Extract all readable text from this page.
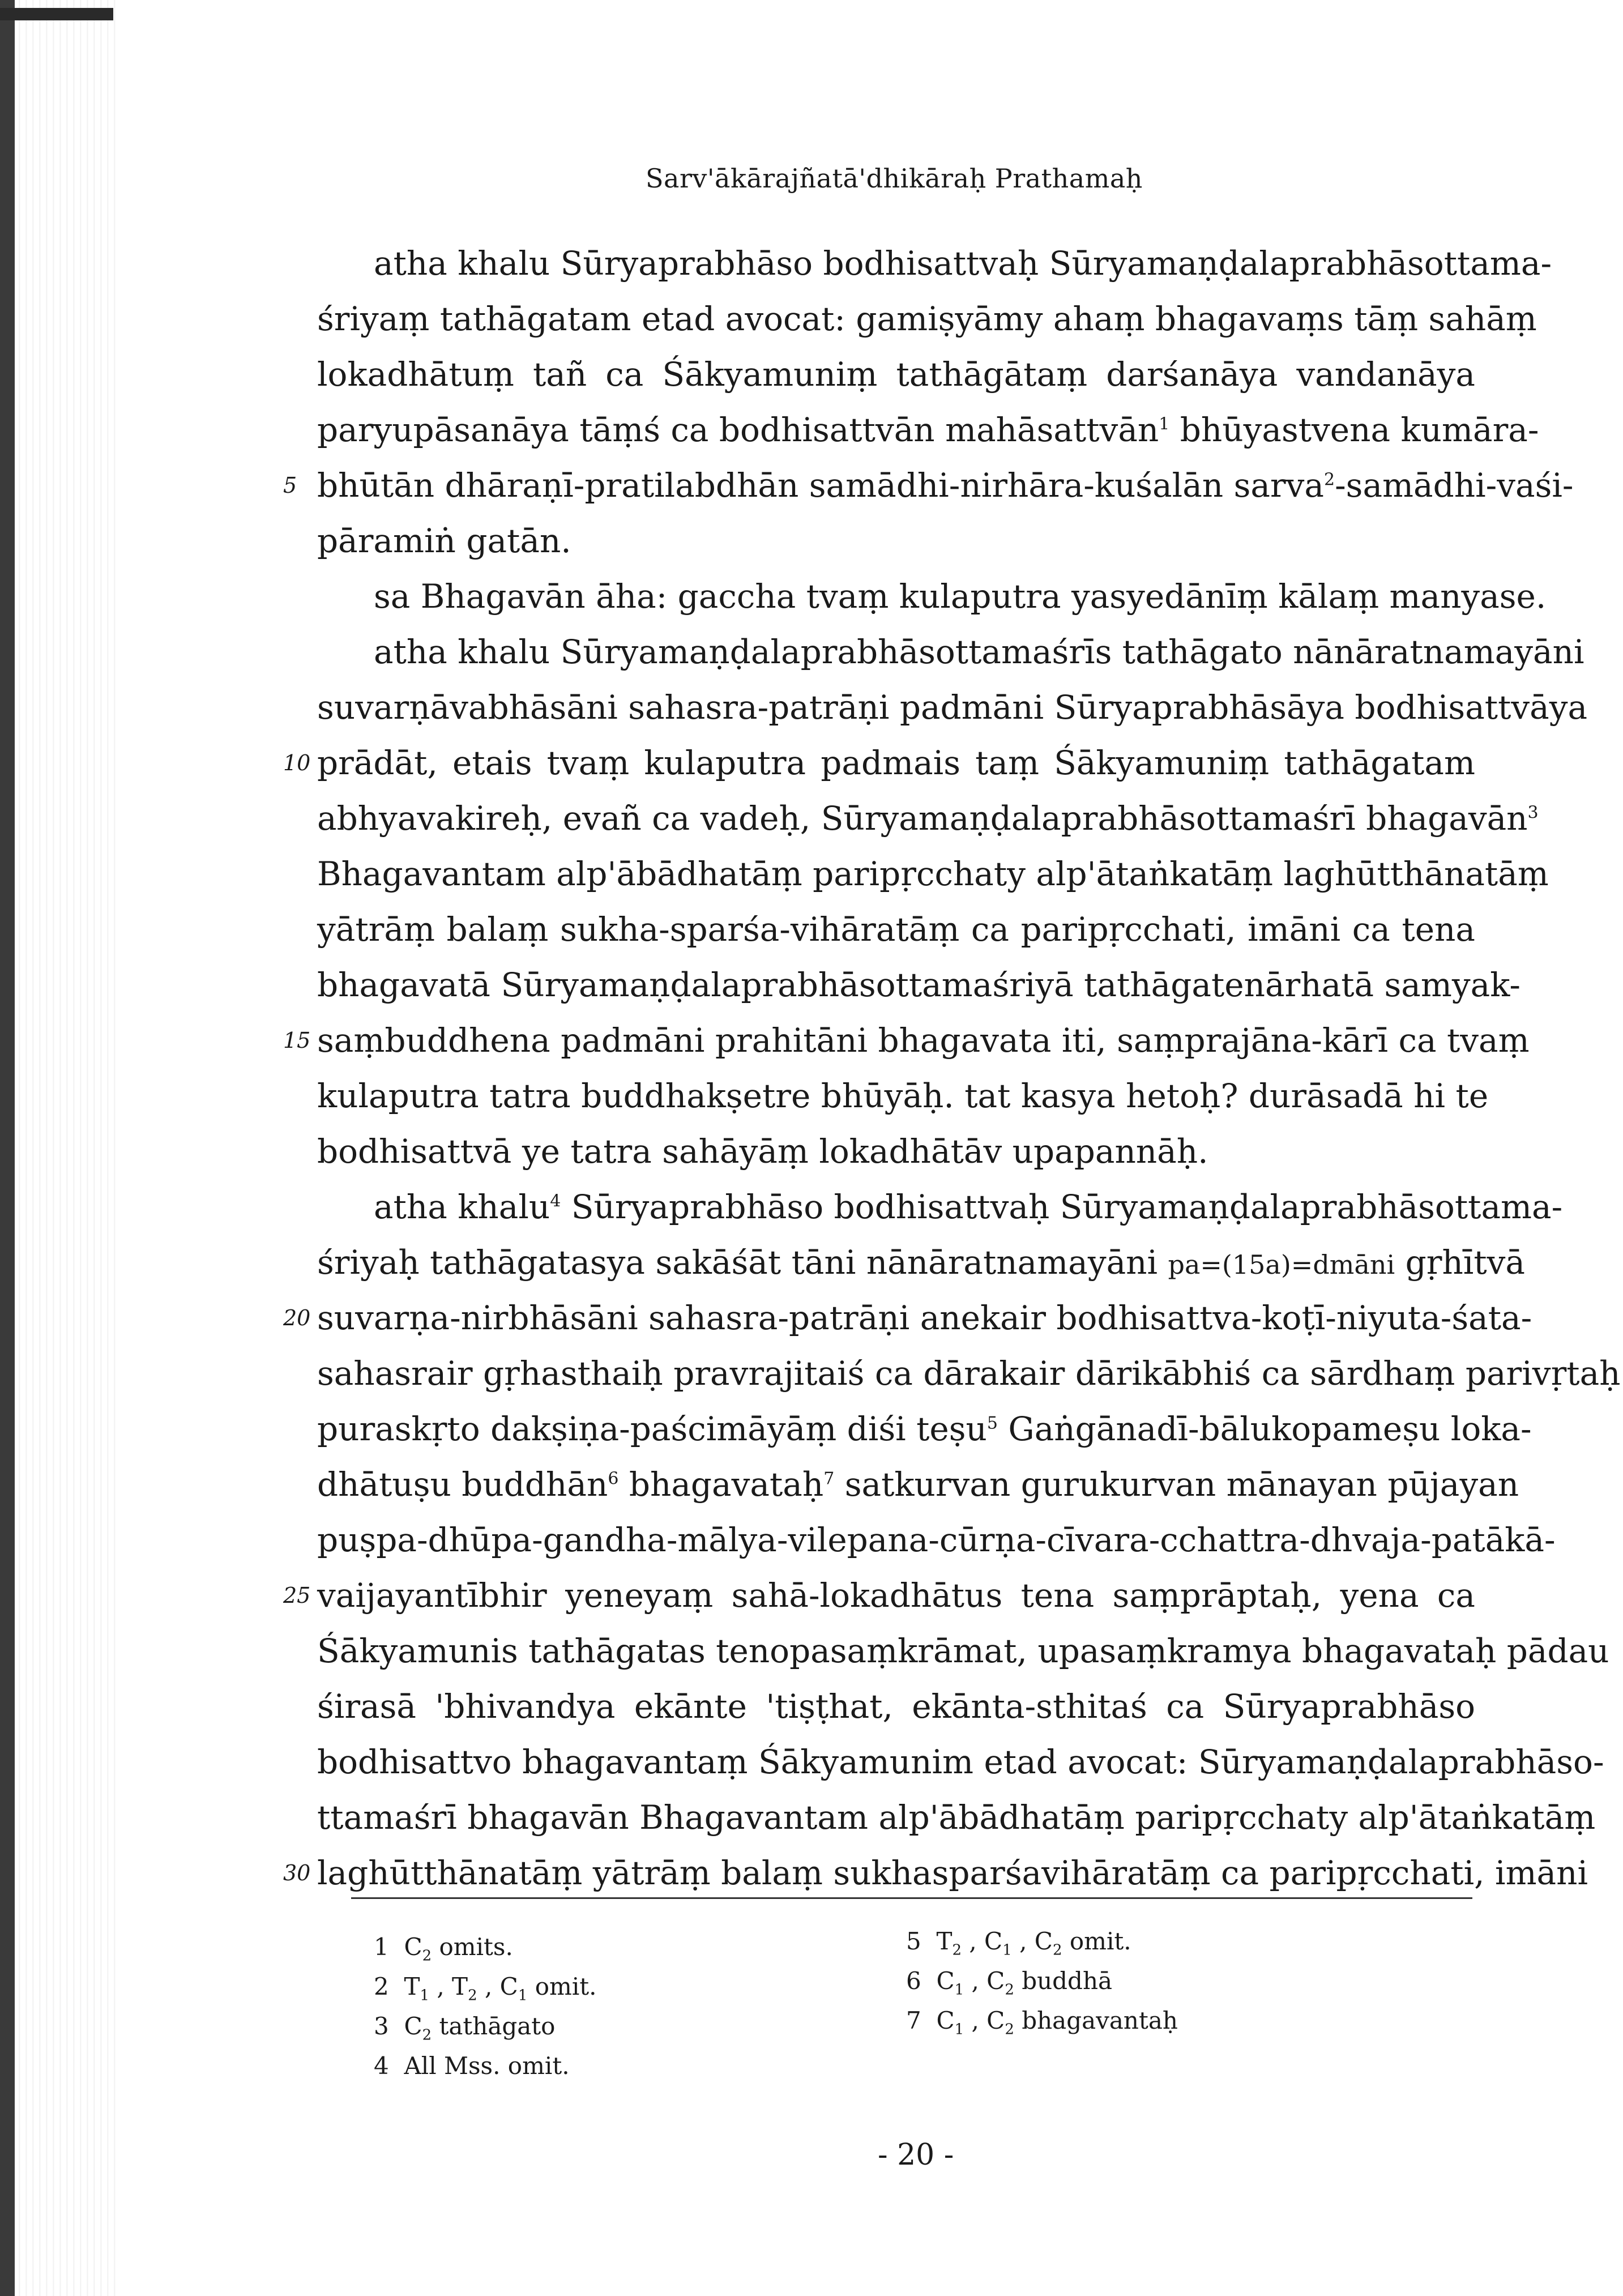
Sarv'ākārajñatā'dhikāraḥ Prathamaḥ
atha khalu Sūryaprabhāso bodhisattvaḥ Sūryamaṇḍalaprabhāsottama-
śriyaṃ tathāgatam etad avocat: gamiṣyāmy ahaṃ bhagavaṃs tāṃ sahāṃ
lokadhātuṃ tañ ca Śākyamuniṃ tathāgātaṃ darśanāya vandanāya
paryupāsanāya tāṃś ca bodhisattvān mahāsattvān$^1$ bhūyastvena kumāra-
5 bhūtān dhāraṇī-pratilabdhān samādhi-nirhāra-kuśalān sarva$^2$-samādhi-vaśi-
pāramiṅ gatān.
sa Bhagavān āha: gaccha tvaṃ kulaputra yasyedānīṃ kālaṃ manyase.
atha khalu Sūryamaṇḍalaprabhāsottamaśrīs tathāgato nānāratnamayāni
suvarṇāvabhāsāni sahasra-patrāṇi padmāni Sūryaprabhāsāya bodhisattvāya
10 prādāt, etais tvaṃ kulaputra padmais taṃ Śākyamuniṃ tathāgatam
abhyavakireḥ, evañ ca vadeḥ, Sūryamaṇḍalaprabhāsottamaśrī bhagavān$^3$
Bhagavantam alp'ābādhatāṃ paripṛcchaty alp'ātaṅkatāṃ laghūtthānatāṃ
yātrāṃ balaṃ sukha-sparśa-vihāratāṃ ca paripṛcchati, imāni ca tena
bhagavatā Sūryamaṇḍalaprabhāsottamaśriyā tathāgatenārhatā samyak-
15 saṃbuddhena padmāni prahitāni bhagavata iti, saṃprajāna-kārī ca tvaṃ
kulaputra tatra buddhakṣetre bhūyāḥ. tat kasya hetoḥ? durāsadā hi te
bodhisattvā ye tatra sahāyāṃ lokadhātāv upapannāḥ.
atha khalu$^4$ Sūryaprabhāso bodhisattvaḥ Sūryamaṇḍalaprabhāsottama-
śriyaḥ tathāgatasya sakāśāt tāni nānāratnamayāni pa=(15a)=dmāni gṛhītvā
20 suvarṇa-nirbhāsāni sahasra-patrāṇi anekair bodhisattva-koṭī-niyuta-śata-
sahasrair gṛhasthaiḥ pravrajitaiś ca dārakair dārikābhiś ca sārdhaṃ parivṛtaḥ
puraskṛto dakṣiṇa-paścimāyāṃ diśi teṣu$^5$ Gaṅgānadī-bālukopameṣu loka-
dhātuṣu buddhān$^6$ bhagavataḥ$^7$ satkurvan gurukurvan mānayan pūjayan
puṣpa-dhūpa-gandha-mālya-vilepana-cūrṇa-cīvara-cchattra-dhvaja-patākā-
25 vaijayantībhir yeneyaṃ sahā-lokadhātus tena saṃprāptaḥ, yena ca
Śākyamunis tathāgatas tenopasaṃkrāmat, upasaṃkramya bhagavataḥ pādau
śirasā 'bhivandya ekānte 'tiṣṭhat, ekānta-sthitaś ca Sūryaprabhāso
bodhisattvo bhagavantaṃ Śākyamunim etad avocat: Sūryamaṇḍalaprabhāso-
ttamaśrī bhagavān Bhagavantam alp'ābādhatāṃ paripṛcchaty alp'ātaṅkatāṃ
30 laghūtthānatāṃ yātrāṃ balaṃ sukhasparśavihāratāṃ ca paripṛcchati, imāni
1 $C_2$ omits.
2 $T_1$ , $T_2$ , $C_1$ omit.
3 $C_2$ tathāgato
4 All Mss. omit.
5 $T_2$ , $C_1$ , $C_2$ omit.
6 $C_1$ , $C_2$ buddhā
7 $C_1$ , $C_2$ bhagavantaḥ
- 20 -
